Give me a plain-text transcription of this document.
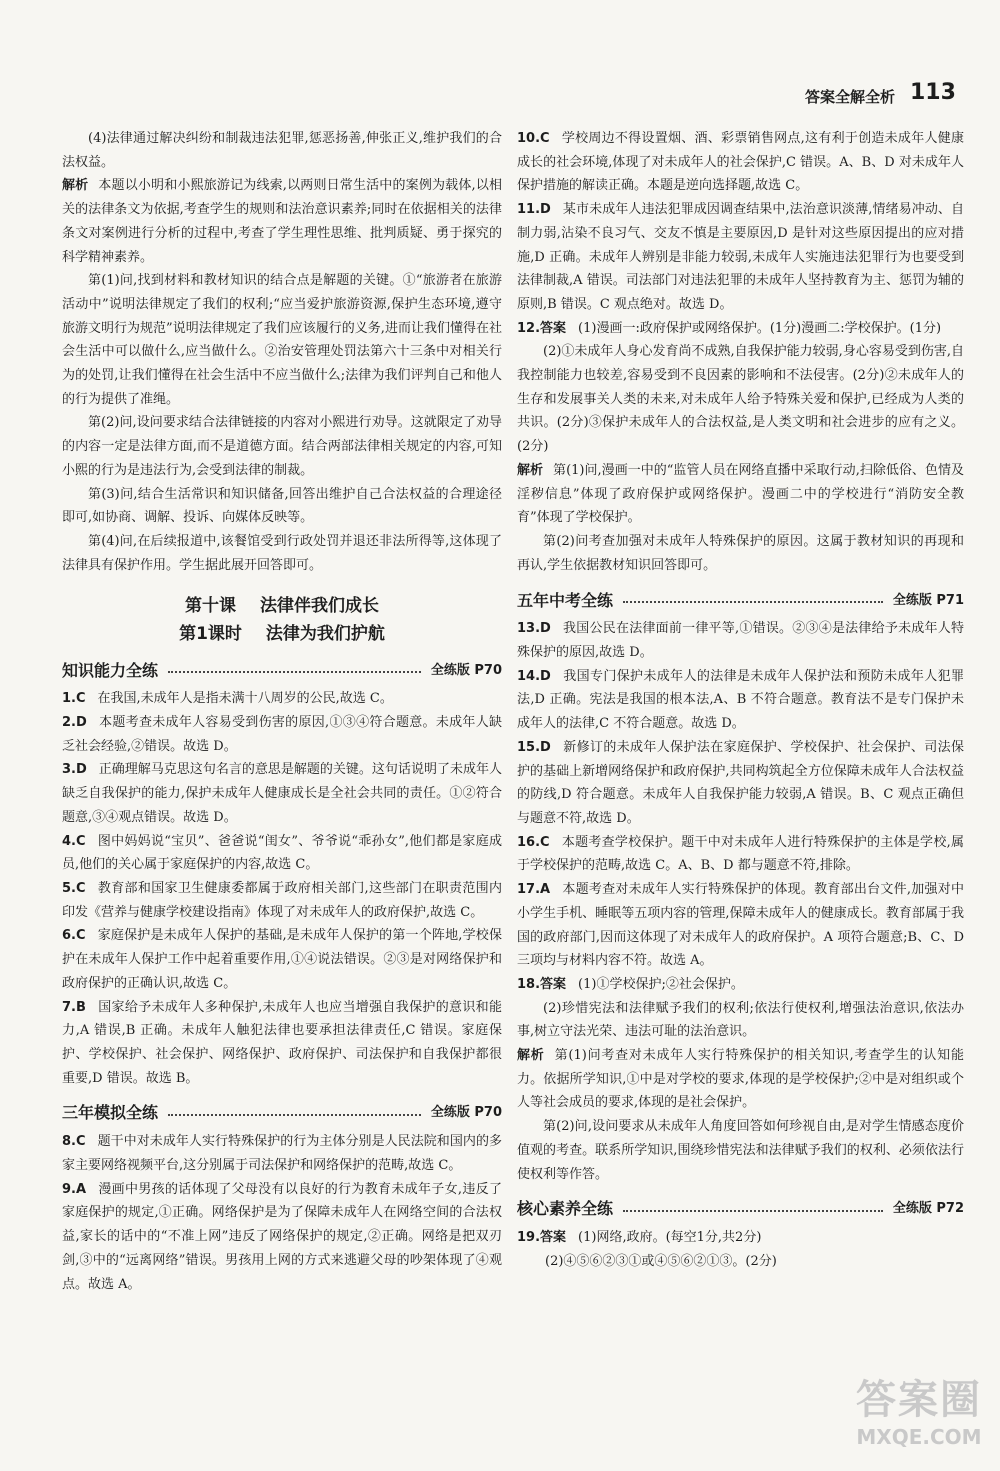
答案全解全析 113

(4)法律通过解决纠纷和制裁违法犯罪,惩恶扬善,伸张正义,维护我们的合法权益。

解析 本题以小明和小熙旅游记为线索,以两则日常生活中的案例为载体,以相关的法律条文为依据,考查学生的规则和法治意识素养;同时在依据相关的法律条文对案例进行分析的过程中,考查了学生理性思维、批判质疑、勇于探究的科学精神素养。

第(1)问,找到材料和教材知识的结合点是解题的关键。①“旅游者在旅游活动中”说明法律规定了我们的权利;“应当爱护旅游资源,保护生态环境,遵守旅游文明行为规范”说明法律规定了我们应该履行的义务,进而让我们懂得在社会生活中可以做什么,应当做什么。②治安管理处罚法第六十三条中对相关行为的处罚,让我们懂得在社会生活中不应当做什么;法律为我们评判自己和他人的行为提供了准绳。

第(2)问,设问要求结合法律链接的内容对小熙进行劝导。这就限定了劝导的内容一定是法律方面,而不是道德方面。结合两部法律相关规定的内容,可知小熙的行为是违法行为,会受到法律的制裁。

第(3)问,结合生活常识和知识储备,回答出维护自己合法权益的合理途径即可,如协商、调解、投诉、向媒体反映等。

第(4)问,在后续报道中,该餐馆受到行政处罚并退还非法所得等,这体现了法律具有保护作用。学生据此展开回答即可。

第十课 法律伴我们成长
第1课时 法律为我们护航
知识能力全练	全练版 P70

1.C 在我国,未成年人是指未满十八周岁的公民,故选 C。

2.D 本题考查未成年人容易受到伤害的原因,①③④符合题意。未成年人缺乏社会经验,②错误。故选 D。

3.D 正确理解马克思这句名言的意思是解题的关键。这句话说明了未成年人缺乏自我保护的能力,保护未成年人健康成长是全社会共同的责任。①②符合题意,③④观点错误。故选 D。

4.C 图中妈妈说“宝贝”、爸爸说“闺女”、爷爷说“乖孙女”,他们都是家庭成员,他们的关心属于家庭保护的内容,故选 C。

5.C 教育部和国家卫生健康委都属于政府相关部门,这些部门在职责范围内印发《营养与健康学校建设指南》体现了对未成年人的政府保护,故选 C。

6.C 家庭保护是未成年人保护的基础,是未成年人保护的第一个阵地,学校保护在未成年人保护工作中起着重要作用,①④说法错误。②③是对网络保护和政府保护的正确认识,故选 C。

7.B 国家给予未成年人多种保护,未成年人也应当增强自我保护的意识和能力,A 错误,B 正确。未成年人触犯法律也要承担法律责任,C 错误。家庭保护、学校保护、社会保护、网络保护、政府保护、司法保护和自我保护都很重要,D 错误。故选 B。

三年模拟全练	全练版 P70

8.C 题干中对未成年人实行特殊保护的行为主体分别是人民法院和国内的多家主要网络视频平台,这分别属于司法保护和网络保护的范畴,故选 C。

9.A 漫画中男孩的话体现了父母没有以良好的行为教育未成年子女,违反了家庭保护的规定,①正确。网络保护是为了保障未成年人在网络空间的合法权益,家长的话中的“不准上网”违反了网络保护的规定,②正确。网络是把双刃剑,③中的“远离网络”错误。男孩用上网的方式来逃避父母的吵架体现了④观点。故选 A。

10.C 学校周边不得设置烟、酒、彩票销售网点,这有利于创造未成年人健康成长的社会环境,体现了对未成年人的社会保护,C 错误。A、B、D 对未成年人保护措施的解读正确。本题是逆向选择题,故选 C。

11.D 某市未成年人违法犯罪成因调查结果中,法治意识淡薄,情绪易冲动、自制力弱,沾染不良习气、交友不慎是主要原因,D 是针对这些原因提出的应对措施,D 正确。未成年人辨别是非能力较弱,未成年人实施违法犯罪行为也要受到法律制裁,A 错误。司法部门对违法犯罪的未成年人坚持教育为主、惩罚为辅的原则,B 错误。C 观点绝对。故选 D。

12.答案 (1)漫画一:政府保护或网络保护。(1分)漫画二:学校保护。(1分)

(2)①未成年人身心发育尚不成熟,自我保护能力较弱,身心容易受到伤害,自我控制能力也较差,容易受到不良因素的影响和不法侵害。(2分)②未成年人的生存和发展事关人类的未来,对未成年人给予特殊关爱和保护,已经成为人类的共识。(2分)③保护未成年人的合法权益,是人类文明和社会进步的应有之义。(2分)

解析 第(1)问,漫画一中的“监管人员在网络直播中采取行动,扫除低俗、色情及淫秽信息”体现了政府保护或网络保护。漫画二中的学校进行“消防安全教育”体现了学校保护。

第(2)问考查加强对未成年人特殊保护的原因。这属于教材知识的再现和再认,学生依据教材知识回答即可。

五年中考全练	全练版 P71

13.D 我国公民在法律面前一律平等,①错误。②③④是法律给予未成年人特殊保护的原因,故选 D。

14.D 我国专门保护未成年人的法律是未成年人保护法和预防未成年人犯罪法,D 正确。宪法是我国的根本法,A、B 不符合题意。教育法不是专门保护未成年人的法律,C 不符合题意。故选 D。

15.D 新修订的未成年人保护法在家庭保护、学校保护、社会保护、司法保护的基础上新增网络保护和政府保护,共同构筑起全方位保障未成年人合法权益的防线,D 符合题意。未成年人自我保护能力较弱,A 错误。B、C 观点正确但与题意不符,故选 D。

16.C 本题考查学校保护。题干中对未成年人进行特殊保护的主体是学校,属于学校保护的范畴,故选 C。A、B、D 都与题意不符,排除。

17.A 本题考查对未成年人实行特殊保护的体现。教育部出台文件,加强对中小学生手机、睡眠等五项内容的管理,保障未成年人的健康成长。教育部属于我国的政府部门,因而这体现了对未成年人的政府保护。A 项符合题意;B、C、D 三项均与材料内容不符。故选 A。

18.答案 (1)①学校保护;②社会保护。

(2)珍惜宪法和法律赋予我们的权利;依法行使权利,增强法治意识,依法办事,树立守法光荣、违法可耻的法治意识。

解析 第(1)问考查对未成年人实行特殊保护的相关知识,考查学生的认知能力。依据所学知识,①中是对学校的要求,体现的是学校保护;②中是对组织或个人等社会成员的要求,体现的是社会保护。

第(2)问,设问要求从未成年人角度回答如何珍视自由,是对学生情感态度价值观的考查。联系所学知识,围绕珍惜宪法和法律赋予我们的权利、必须依法行使权利等作答。

核心素养全练	全练版 P72

19.答案 (1)网络,政府。(每空1分,共2分)

(2)④⑤⑥②③①或④⑤⑥②①③。(2分)

答案圈
MXQE.COM
